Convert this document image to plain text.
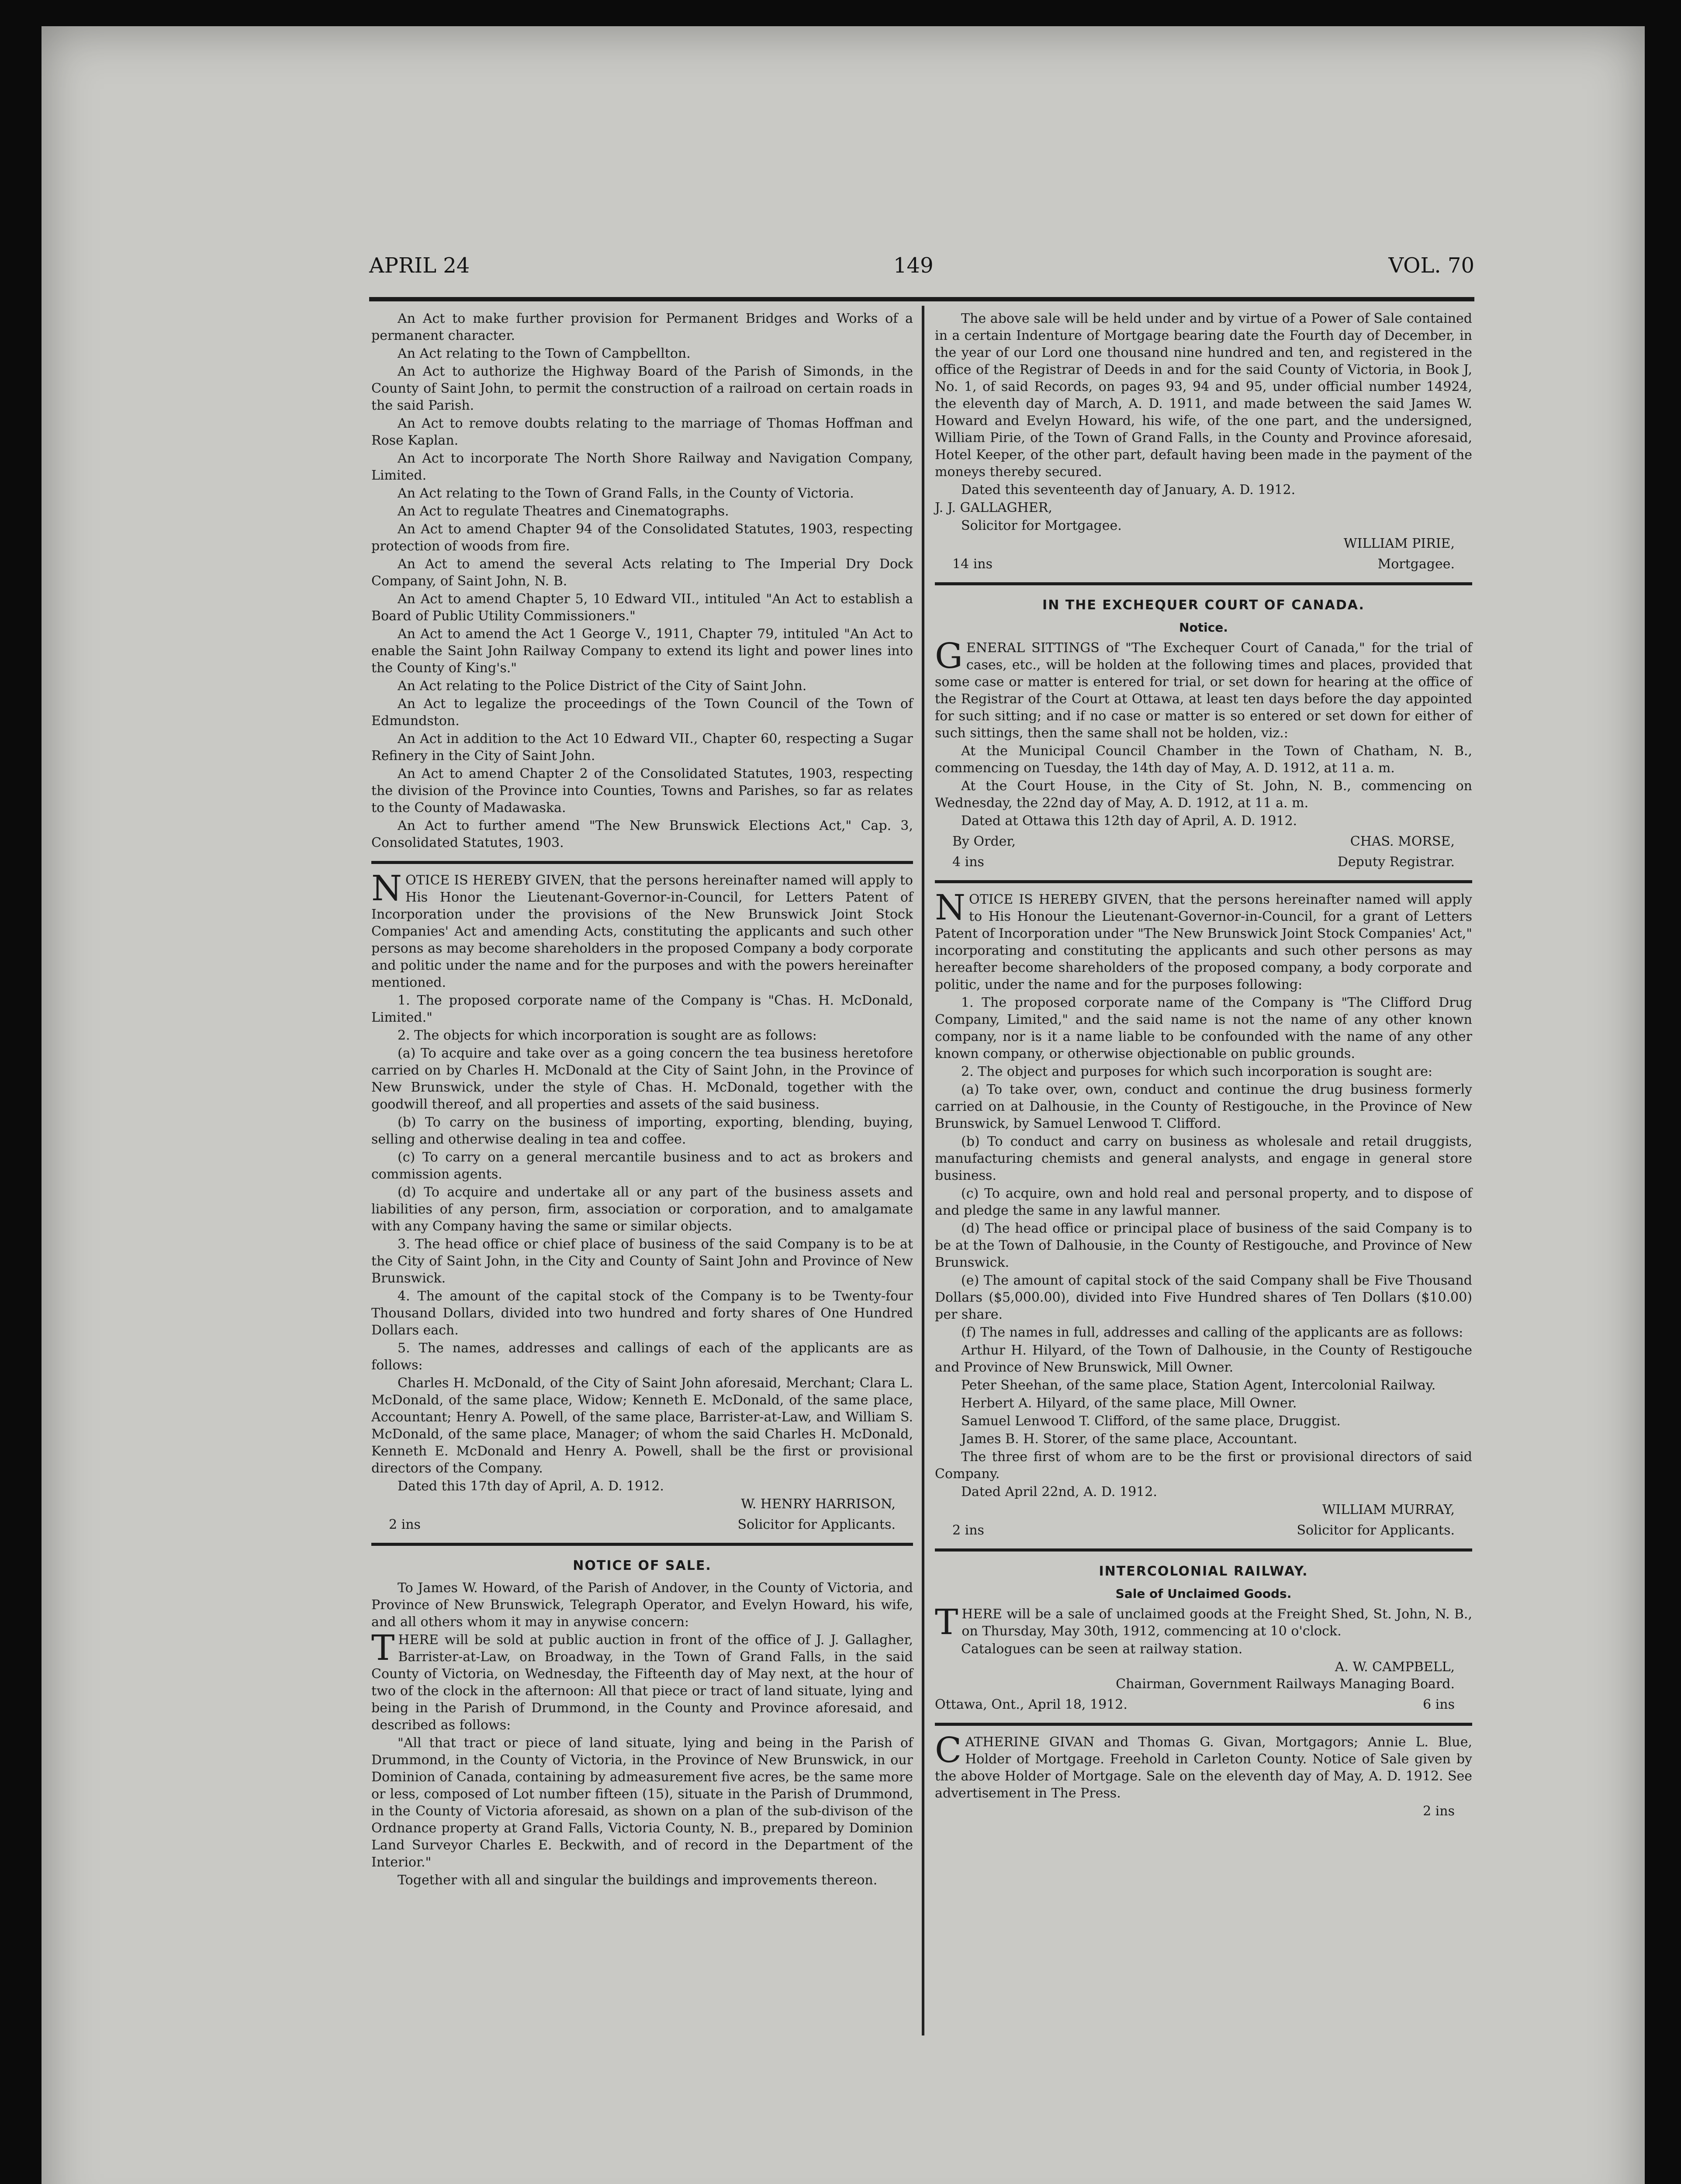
APRIL 24	149	VOL. 70

An Act to make further provision for Permanent Bridges and Works of a permanent character.

An Act relating to the Town of Campbellton.

An Act to authorize the Highway Board of the Parish of Simonds, in the County of Saint John, to permit the construction of a railroad on certain roads in the said Parish.

An Act to remove doubts relating to the marriage of Thomas Hoffman and Rose Kaplan.

An Act to incorporate The North Shore Railway and Navigation Company, Limited.

An Act relating to the Town of Grand Falls, in the County of Victoria.

An Act to regulate Theatres and Cinematographs.

An Act to amend Chapter 94 of the Consolidated Statutes, 1903, respecting protection of woods from fire.

An Act to amend the several Acts relating to The Imperial Dry Dock Company, of Saint John, N. B.

An Act to amend Chapter 5, 10 Edward VII., intituled "An Act to establish a Board of Public Utility Commissioners."

An Act to amend the Act 1 George V., 1911, Chapter 79, intituled "An Act to enable the Saint John Railway Company to extend its light and power lines into the County of King's."

An Act relating to the Police District of the City of Saint John.

An Act to legalize the proceedings of the Town Council of the Town of Edmundston.

An Act in addition to the Act 10 Edward VII., Chapter 60, respecting a Sugar Refinery in the City of Saint John.

An Act to amend Chapter 2 of the Consolidated Statutes, 1903, respecting the division of the Province into Counties, Towns and Parishes, so far as relates to the County of Madawaska.

An Act to further amend "The New Brunswick Elections Act," Cap. 3, Consolidated Statutes, 1903.

NOTICE IS HEREBY GIVEN, that the persons hereinafter named will apply to His Honor the Lieutenant-Governor-in-Council, for Letters Patent of Incorporation under the provisions of the New Brunswick Joint Stock Companies' Act and amending Acts, constituting the applicants and such other persons as may become shareholders in the proposed Company a body corporate and politic under the name and for the purposes and with the powers hereinafter mentioned.

1. The proposed corporate name of the Company is "Chas. H. McDonald, Limited."

2. The objects for which incorporation is sought are as follows:

(a) To acquire and take over as a going concern the tea business heretofore carried on by Charles H. McDonald at the City of Saint John, in the Province of New Brunswick, under the style of Chas. H. McDonald, together with the goodwill thereof, and all properties and assets of the said business.

(b) To carry on the business of importing, exporting, blending, buying, selling and otherwise dealing in tea and coffee.

(c) To carry on a general mercantile business and to act as brokers and commission agents.

(d) To acquire and undertake all or any part of the business assets and liabilities of any person, firm, association or corporation, and to amalgamate with any Company having the same or similar objects.

3. The head office or chief place of business of the said Company is to be at the City of Saint John, in the City and County of Saint John and Province of New Brunswick.

4. The amount of the capital stock of the Company is to be Twenty-four Thousand Dollars, divided into two hundred and forty shares of One Hundred Dollars each.

5. The names, addresses and callings of each of the applicants are as follows:

Charles H. McDonald, of the City of Saint John aforesaid, Merchant; Clara L. McDonald, of the same place, Widow; Kenneth E. McDonald, of the same place, Accountant; Henry A. Powell, of the same place, Barrister-at-Law, and William S. McDonald, of the same place, Manager; of whom the said Charles H. McDonald, Kenneth E. McDonald and Henry A. Powell, shall be the first or provisional directors of the Company.

Dated this 17th day of April, A. D. 1912.

W. HENRY HARRISON,
2 ins	Solicitor for Applicants.
NOTICE OF SALE.

To James W. Howard, of the Parish of Andover, in the County of Victoria, and Province of New Brunswick, Telegraph Operator, and Evelyn Howard, his wife, and all others whom it may in anywise concern:

THERE will be sold at public auction in front of the office of J. J. Gallagher, Barrister-at-Law, on Broadway, in the Town of Grand Falls, in the said County of Victoria, on Wednesday, the Fifteenth day of May next, at the hour of two of the clock in the afternoon: All that piece or tract of land situate, lying and being in the Parish of Drummond, in the County and Province aforesaid, and described as follows:

"All that tract or piece of land situate, lying and being in the Parish of Drummond, in the County of Victoria, in the Province of New Brunswick, in our Dominion of Canada, containing by admeasurement five acres, be the same more or less, composed of Lot number fifteen (15), situate in the Parish of Drummond, in the County of Victoria aforesaid, as shown on a plan of the sub-divison of the Ordnance property at Grand Falls, Victoria County, N. B., prepared by Dominion Land Surveyor Charles E. Beckwith, and of record in the Department of the Interior."

Together with all and singular the buildings and improvements thereon.

The above sale will be held under and by virtue of a Power of Sale contained in a certain Indenture of Mortgage bearing date the Fourth day of December, in the year of our Lord one thousand nine hundred and ten, and registered in the office of the Registrar of Deeds in and for the said County of Victoria, in Book J, No. 1, of said Records, on pages 93, 94 and 95, under official number 14924, the eleventh day of March, A. D. 1911, and made between the said James W. Howard and Evelyn Howard, his wife, of the one part, and the undersigned, William Pirie, of the Town of Grand Falls, in the County and Province aforesaid, Hotel Keeper, of the other part, default having been made in the payment of the moneys thereby secured.

Dated this seventeenth day of January, A. D. 1912.

J. J. GALLAGHER,

Solicitor for Mortgagee.

WILLIAM PIRIE,
14 ins	Mortgagee.
IN THE EXCHEQUER COURT OF CANADA.
Notice.

GENERAL SITTINGS of "The Exchequer Court of Canada," for the trial of cases, etc., will be holden at the following times and places, provided that some case or matter is entered for trial, or set down for hearing at the office of the Registrar of the Court at Ottawa, at least ten days before the day appointed for such sitting; and if no case or matter is so entered or set down for either of such sittings, then the same shall not be holden, viz.:

At the Municipal Council Chamber in the Town of Chatham, N. B., commencing on Tuesday, the 14th day of May, A. D. 1912, at 11 a. m.

At the Court House, in the City of St. John, N. B., commencing on Wednesday, the 22nd day of May, A. D. 1912, at 11 a. m.

Dated at Ottawa this 12th day of April, A. D. 1912.

By Order,	CHAS. MORSE,
4 ins	Deputy Registrar.

NOTICE IS HEREBY GIVEN, that the persons hereinafter named will apply to His Honour the Lieutenant-Governor-in-Council, for a grant of Letters Patent of Incorporation under "The New Brunswick Joint Stock Companies' Act," incorporating and constituting the applicants and such other persons as may hereafter become shareholders of the proposed company, a body corporate and politic, under the name and for the purposes following:

1. The proposed corporate name of the Company is "The Clifford Drug Company, Limited," and the said name is not the name of any other known company, nor is it a name liable to be confounded with the name of any other known company, or otherwise objectionable on public grounds.

2. The object and purposes for which such incorporation is sought are:

(a) To take over, own, conduct and continue the drug business formerly carried on at Dalhousie, in the County of Restigouche, in the Province of New Brunswick, by Samuel Lenwood T. Clifford.

(b) To conduct and carry on business as wholesale and retail druggists, manufacturing chemists and general analysts, and engage in general store business.

(c) To acquire, own and hold real and personal property, and to dispose of and pledge the same in any lawful manner.

(d) The head office or principal place of business of the said Company is to be at the Town of Dalhousie, in the County of Restigouche, and Province of New Brunswick.

(e) The amount of capital stock of the said Company shall be Five Thousand Dollars ($5,000.00), divided into Five Hundred shares of Ten Dollars ($10.00) per share.

(f) The names in full, addresses and calling of the applicants are as follows:

Arthur H. Hilyard, of the Town of Dalhousie, in the County of Restigouche and Province of New Brunswick, Mill Owner.

Peter Sheehan, of the same place, Station Agent, Intercolonial Railway.

Herbert A. Hilyard, of the same place, Mill Owner.

Samuel Lenwood T. Clifford, of the same place, Druggist.

James B. H. Storer, of the same place, Accountant.

The three first of whom are to be the first or provisional directors of said Company.

Dated April 22nd, A. D. 1912.

WILLIAM MURRAY,
2 ins	Solicitor for Applicants.
INTERCOLONIAL RAILWAY.
Sale of Unclaimed Goods.

THERE will be a sale of unclaimed goods at the Freight Shed, St. John, N. B., on Thursday, May 30th, 1912, commencing at 10 o'clock.

Catalogues can be seen at railway station.

A. W. CAMPBELL,
Chairman, Government Railways Managing Board.
Ottawa, Ont., April 18, 1912.	6 ins

CATHERINE GIVAN and Thomas G. Givan, Mortgagors; Annie L. Blue, Holder of Mortgage. Freehold in Carleton County. Notice of Sale given by the above Holder of Mortgage. Sale on the eleventh day of May, A. D. 1912. See advertisement in The Press.

2 ins
